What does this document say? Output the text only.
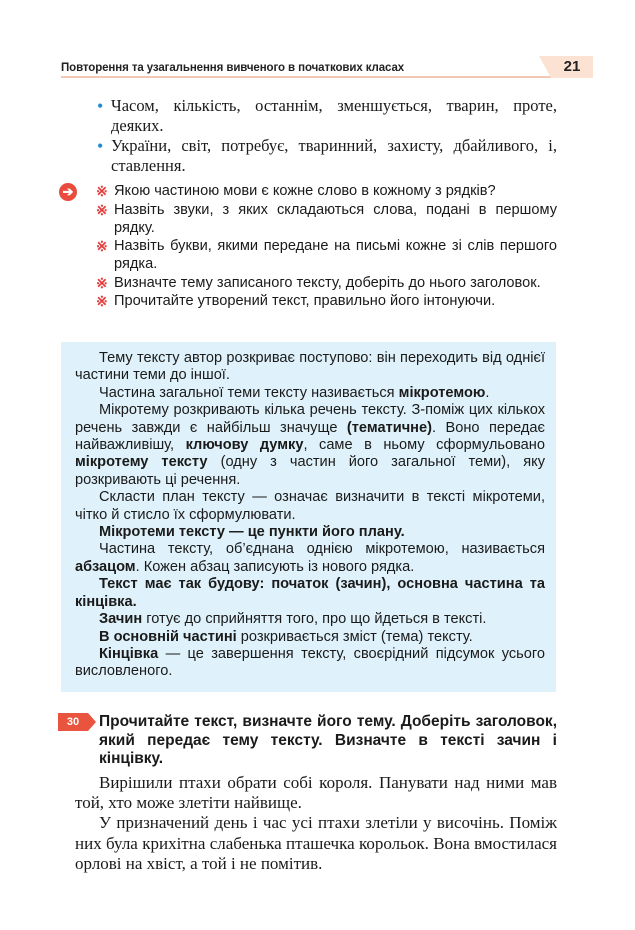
Повторення та узагальнення вивченого в початкових класах	21
• Часом, кількість, останнім, зменшується, тварин, проте, деяких.
• України, світ, потребує, тваринний, захисту, дбайливого, і, ставлення.
➔ ※ Якою частиною мови є кожне слово в кожному з рядків?
※ Назвіть звуки, з яких складаються слова, подані в першому рядку.
※ Назвіть букви, якими передане на письмі кожне зі слів першого рядка.
※ Визначте тему записаного тексту, доберіть до нього заголовок.
※ Прочитайте утворений текст, правильно його інтонуючи.

Тему тексту автор розкриває поступово: він переходить від однієї частини теми до іншої.

Частина загальної теми тексту називається мікротемою.

Мікротему розкривають кілька речень тексту. З-поміж цих кількох речень завжди є найбільш значуще (тематичне). Воно передає найважливішу, ключову думку, саме в ньому сформульовано мікротему тексту (одну з частин його загальної теми), яку розкривають ці речення.

Скласти план тексту — означає визначити в тексті мікротеми, чітко й стисло їх сформулювати.

Мікротеми тексту — це пункти його плану.

Частина тексту, об’єднана однією мікротемою, називається абзацом. Кожен абзац записують із нового рядка.

Текст має так будову: початок (зачин), основна частина та кінцівка.

Зачин готує до сприйняття того, про що йдеться в тексті.

В основній частині розкривається зміст (тема) тексту.

Кінцівка — це завершення тексту, своєрідний підсумок усього висловленого.

30	Прочитайте текст, визначте його тему. Доберіть заголовок, який передає тему тексту. Визначте в тексті зачин і кінцівку.

Вирішили птахи обрати собі короля. Панувати над ними мав той, хто може злетіти найвище.

У призначений день і час усі птахи злетіли у височінь. Поміж них була крихітна слабенька пташечка корольок. Вона вмостилася орлові на хвіст, а той і не помітив.
